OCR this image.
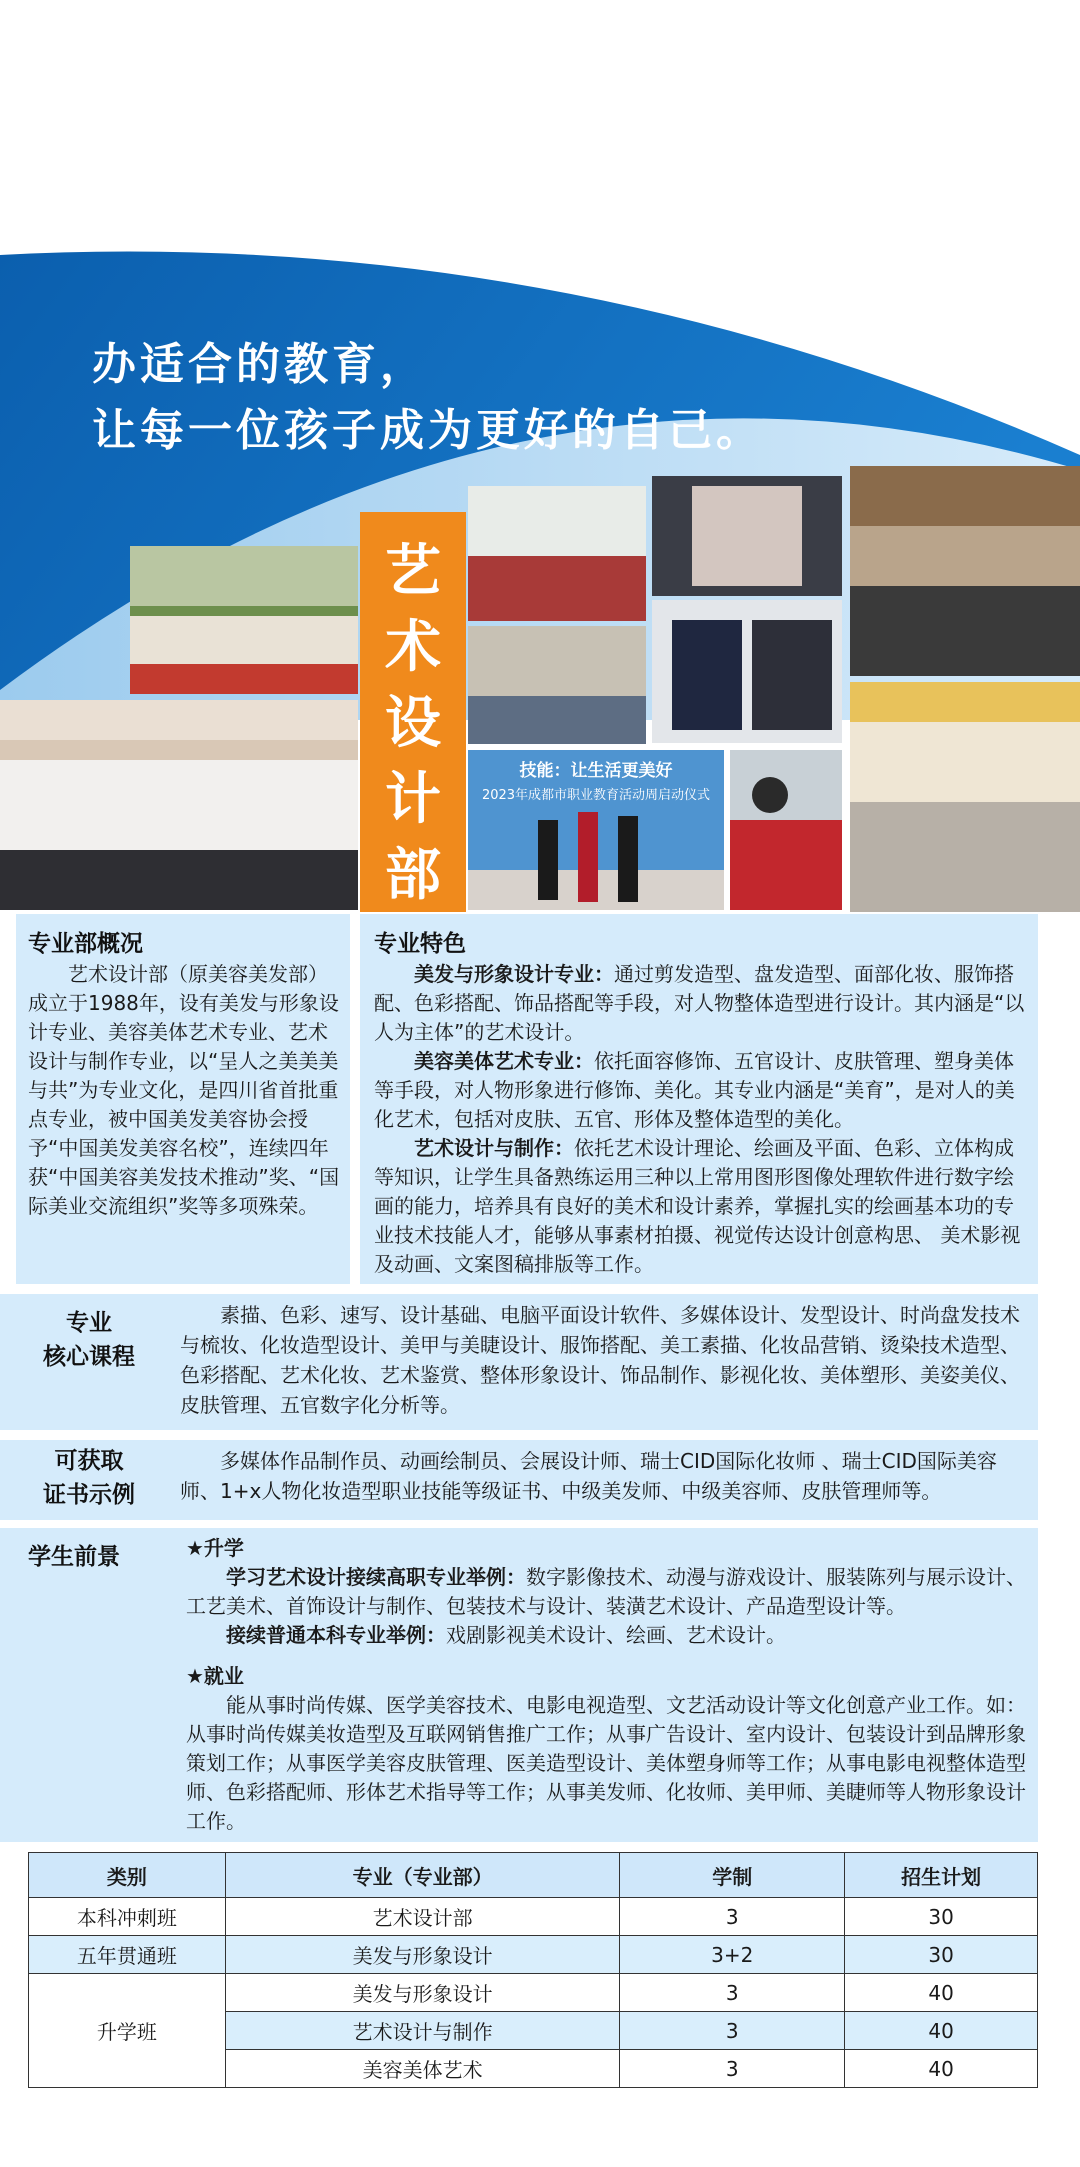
办适合的教育，
让每一位孩子成为更好的自己。
艺
术
设
计
部
技能：让生活更美好
2023年成都市职业教育活动周启动仪式
专业部概况

艺术设计部（原美容美发部）成立于1988年，设有美发与形象设计专业、美容美体艺术专业、艺术设计与制作专业，以“呈人之美美美与共”为专业文化，是四川省首批重点专业，被中国美发美容协会授予“中国美发美容名校”，连续四年获“中国美容美发技术推动”奖、“国际美业交流组织”奖等多项殊荣。

专业特色

美发与形象设计专业：通过剪发造型、盘发造型、面部化妆、服饰搭配、色彩搭配、饰品搭配等手段，对人物整体造型进行设计。其内涵是“以人为主体”的艺术设计。

美容美体艺术专业：依托面容修饰、五官设计、皮肤管理、塑身美体等手段，对人物形象进行修饰、美化。其专业内涵是“美育”，是对人的美化艺术，包括对皮肤、五官、形体及整体造型的美化。

艺术设计与制作：依托艺术设计理论、绘画及平面、色彩、立体构成等知识，让学生具备熟练运用三种以上常用图形图像处理软件进行数字绘画的能力，培养具有良好的美术和设计素养，掌握扎实的绘画基本功的专业技术技能人才，能够从事素材拍摄、视觉传达设计创意构思、 美术影视及动画、文案图稿排版等工作。

专业
核心课程

素描、色彩、速写、设计基础、电脑平面设计软件、多媒体设计、发型设计、时尚盘发技术与梳妆、化妆造型设计、美甲与美睫设计、服饰搭配、美工素描、化妆品营销、烫染技术造型、色彩搭配、艺术化妆、艺术鉴赏、整体形象设计、饰品制作、影视化妆、美体塑形、美姿美仪、皮肤管理、五官数字化分析等。

可获取
证书示例

多媒体作品制作员、动画绘制员、会展设计师、瑞士CID国际化妆师 、瑞士CID国际美容师、1+x人物化妆造型职业技能等级证书、中级美发师、中级美容师、皮肤管理师等。

学生前景	★升学

学习艺术设计接续高职专业举例：数字影像技术、动漫与游戏设计、服装陈列与展示设计、工艺美术、首饰设计与制作、包装技术与设计、装潢艺术设计、产品造型设计等。

接续普通本科专业举例：戏剧影视美术设计、绘画、艺术设计。

★就业

能从事时尚传媒、医学美容技术、电影电视造型、文艺活动设计等文化创意产业工作。如：从事时尚传媒美妆造型及互联网销售推广工作；从事广告设计、室内设计、包装设计到品牌形象策划工作；从事医学美容皮肤管理、医美造型设计、美体塑身师等工作；从事电影电视整体造型师、色彩搭配师、形体艺术指导等工作；从事美发师、化妆师、美甲师、美睫师等人物形象设计工作。

类别	专业（专业部）	学制	招生计划
本科冲刺班	艺术设计部	3	30
五年贯通班	美发与形象设计	3+2	30
升学班	美发与形象设计	3	40
	艺术设计与制作	3	40
	美容美体艺术	3	40
